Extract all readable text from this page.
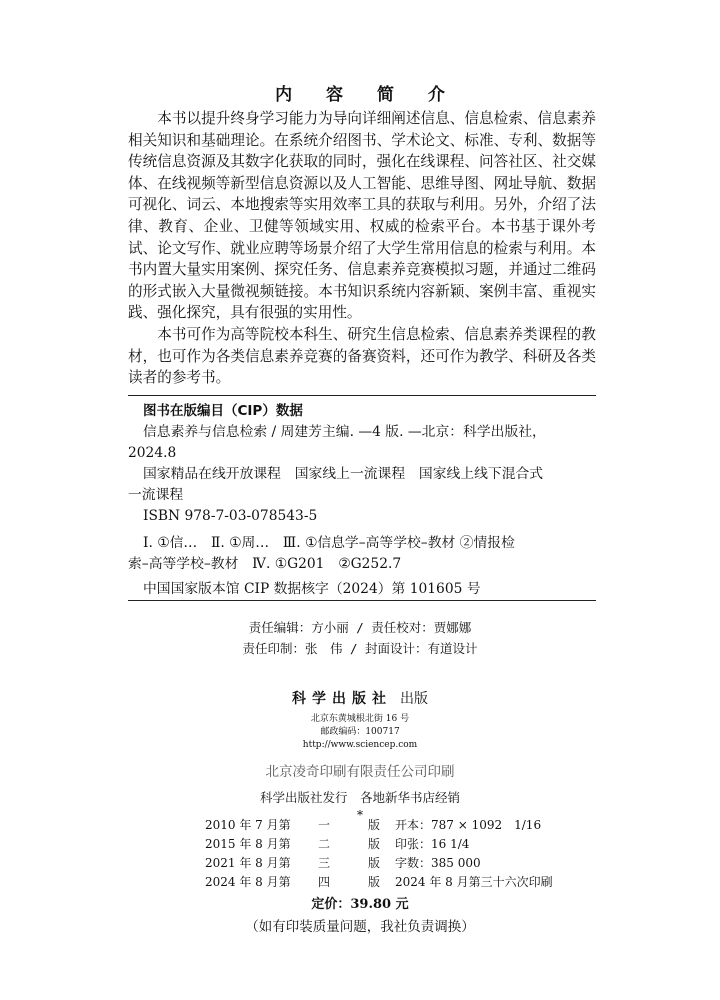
内 容 简 介

本书以提升终身学习能力为导向详细阐述信息、信息检索、信息素养相关知识和基础理论。在系统介绍图书、学术论文、标准、专利、数据等传统信息资源及其数字化获取的同时，强化在线课程、问答社区、社交媒体、在线视频等新型信息资源以及人工智能、思维导图、网址导航、数据可视化、词云、本地搜索等实用效率工具的获取与利用。另外，介绍了法律、教育、企业、卫健等领域实用、权威的检索平台。本书基于课外考试、论文写作、就业应聘等场景介绍了大学生常用信息的检索与利用。本书内置大量实用案例、探究任务、信息素养竞赛模拟习题，并通过二维码的形式嵌入大量微视频链接。本书知识系统内容新颖、案例丰富、重视实践、强化探究，具有很强的实用性。

本书可作为高等院校本科生、研究生信息检索、信息素养类课程的教材，也可作为各类信息素养竞赛的备赛资料，还可作为教学、科研及各类读者的参考书。

图书在版编目（CIP）数据
信息素养与信息检索 / 周建芳主编. —4 版. —北京：科学出版社，
2024.8
国家精品在线开放课程　国家线上一流课程　国家线上线下混合式
一流课程
ISBN 978-7-03-078543-5
Ⅰ. ①信…　Ⅱ. ①周…　Ⅲ. ①信息学–高等学校–教材 ②情报检
索–高等学校–教材　Ⅳ. ①G201　②G252.7
中国国家版本馆 CIP 数据核字（2024）第 101605 号
责任编辑：方小丽 / 责任校对：贾娜娜
责任印制：张　伟 / 封面设计：有道设计
科学出版社 出版
北京东黄城根北街 16 号
邮政编码：100717
http://www.sciencep.com
北京凌奇印刷有限责任公司印刷
科学出版社发行　各地新华书店经销
*
2010 年 7 月第 一	版 开本：787 × 1092　1/16
2015 年 8 月第 二	版 印张：16 1/4
2021 年 8 月第 三	版 字数：385 000
2024 年 8 月第 四	版 2024 年 8 月第三十六次印刷
定价：39.80 元
（如有印装质量问题，我社负责调换）
